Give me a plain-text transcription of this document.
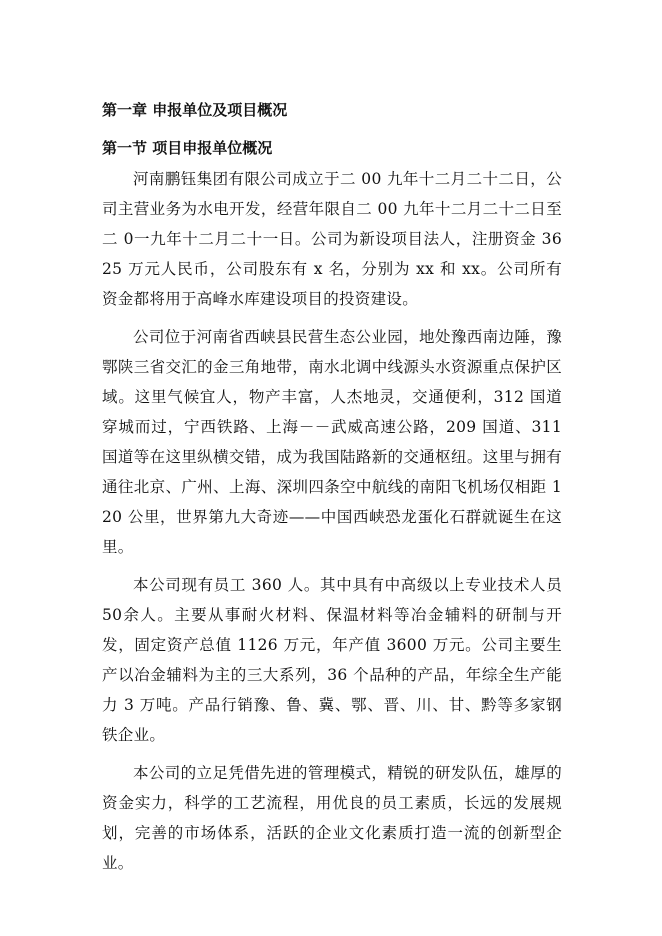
第一章 申报单位及项目概况
第一节 项目申报单位概况

河南鹏钰集团有限公司成立于二 00 九年十二月二十二日，公司主营业务为水电开发，经营年限自二 00 九年十二月二十二日至二 0一九年十二月二十一日。公司为新设项目法人，注册资金 3625 万元人民币，公司股东有 x 名，分别为 xx 和 xx。公司所有资金都将用于高峰水库建设项目的投资建设。

公司位于河南省西峡县民营生态公业园，地处豫西南边陲，豫鄂陕三省交汇的金三角地带，南水北调中线源头水资源重点保护区域。这里气候宜人，物产丰富，人杰地灵，交通便利，312 国道穿城而过，宁西铁路、上海－－武威高速公路，209 国道、311 国道等在这里纵横交错，成为我国陆路新的交通枢纽。这里与拥有通往北京、广州、上海、深圳四条空中航线的南阳飞机场仅相距 120 公里，世界第九大奇迹——中国西峡恐龙蛋化石群就诞生在这里。

本公司现有员工 360 人。其中具有中高级以上专业技术人员 50余人。主要从事耐火材料、保温材料等冶金辅料的研制与开发，固定资产总值 1126 万元，年产值 3600 万元。公司主要生产以冶金辅料为主的三大系列，36 个品种的产品，年综全生产能力 3 万吨。产品行销豫、鲁、冀、鄂、晋、川、甘、黔等多家钢铁企业。

本公司的立足凭借先进的管理模式，精锐的研发队伍，雄厚的资金实力，科学的工艺流程，用优良的员工素质，长远的发展规划，完善的市场体系，活跃的企业文化素质打造一流的创新型企业。
